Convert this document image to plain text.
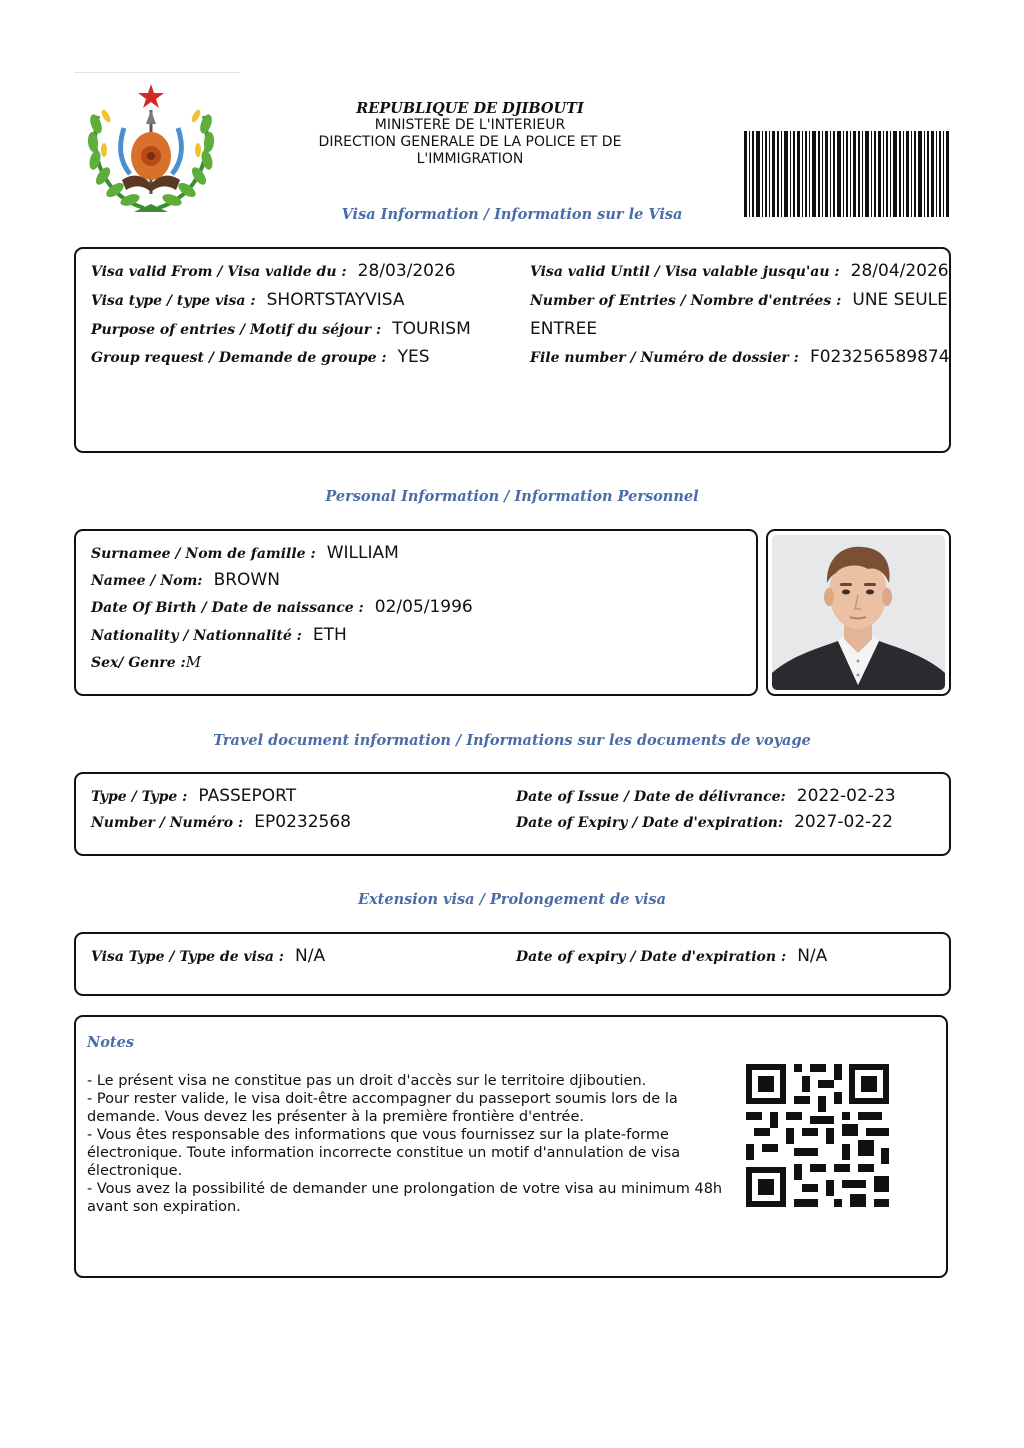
REPUBLIQUE DE DJIBOUTI
MINISTERE DE L'INTERIEUR
DIRECTION GENERALE DE LA POLICE ET DE
L'IMMIGRATION
Visa Information / Information sur le Visa
Visa valid From / Visa valide du : 28/03/2026
Visa type / type visa : SHORTSTAYVISA
Purpose of entries / Motif du séjour : TOURISM
Group request / Demande de groupe : YES
Visa valid Until / Visa valable jusqu'au : 28/04/2026
Number of Entries / Nombre d'entrées : UNE SEULE
ENTREE
File number / Numéro de dossier : F023256589874
Personal Information / Information Personnel
Surnamee / Nom de famille : WILLIAM
Namee / Nom: BROWN
Date Of Birth / Date de naissance : 02/05/1996
Nationality / Nationnalité : ETH
Sex/ Genre :M
Travel document information / Informations sur les documents de voyage
Type / Type : PASSEPORT
Number / Numéro : EP0232568
Date of Issue / Date de délivrance: 2022-02-23
Date of Expiry / Date d'expiration: 2027-02-22
Extension visa / Prolongement de visa
Visa Type / Type de visa : N/A	Date of expiry / Date d'expiration : N/A
Notes
- Le présent visa ne constitue pas un droit d'accès sur le territoire djiboutien.
- Pour rester valide, le visa doit-être accompagner du passeport soumis lors de la
demande. Vous devez les présenter à la première frontière d'entrée.
- Vous êtes responsable des informations que vous fournissez sur la plate-forme
électronique. Toute information incorrecte constitue un motif d'annulation de visa
électronique.
- Vous avez la possibilité de demander une prolongation de votre visa au minimum 48h
avant son expiration.
